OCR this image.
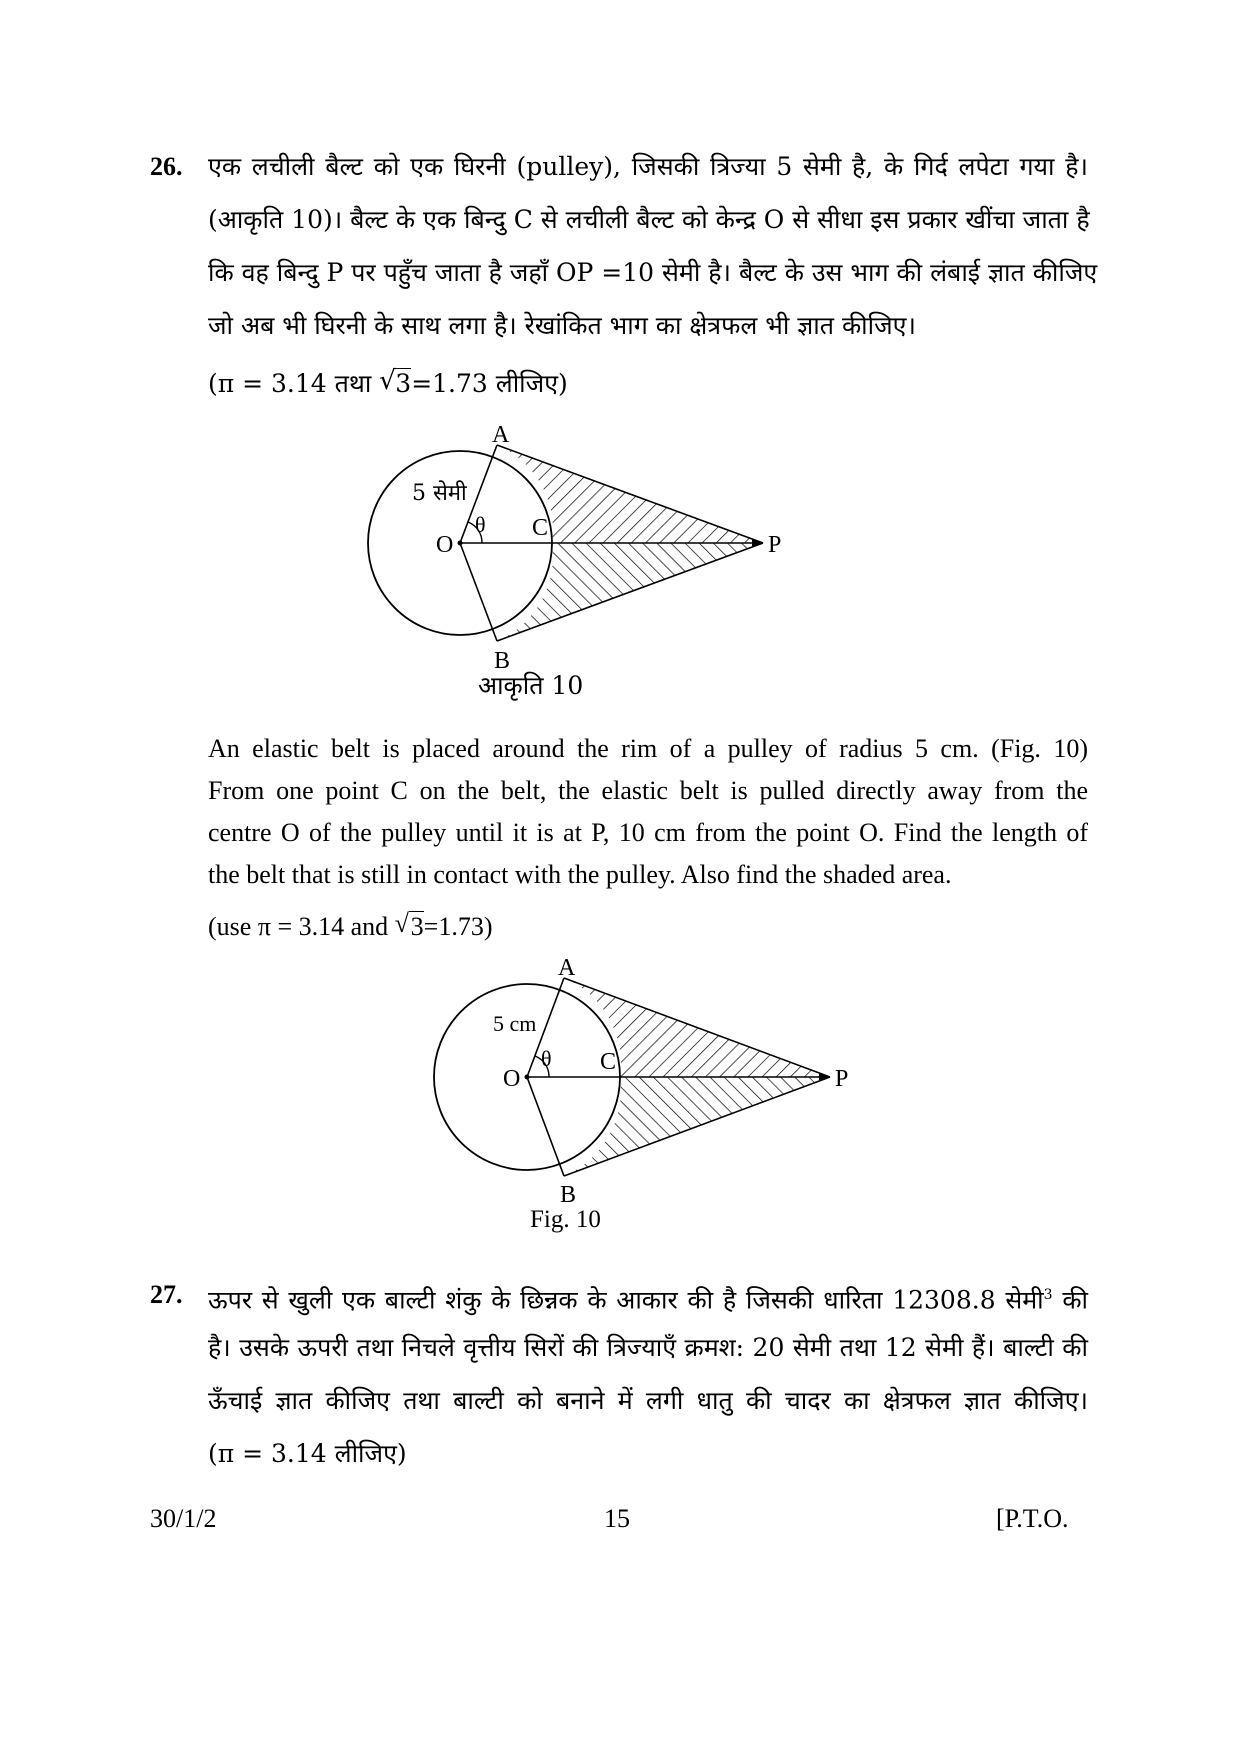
26. एक लचीली बैल्ट को एक घिरनी (pulley), जिसकी त्रिज्या 5 सेमी है, के गिर्द लपेटा गया है।
(आकृति 10)। बैल्ट के एक बिन्दु C से लचीली बैल्ट को केन्द्र O से सीधा इस प्रकार खींचा जाता है
कि वह बिन्दु P पर पहुँच जाता है जहाँ OP =10 सेमी है। बैल्ट के उस भाग की लंबाई ज्ञात कीजिए
जो अब भी घिरनी के साथ लगा है। रेखांकित भाग का क्षेत्रफल भी ज्ञात कीजिए।
(π = 3.14 तथा √ 3=1.73 लीजिए)
A
B
C
O	P
5 सेमी
θ
आकृति 10
An elastic belt is placed around the rim of a pulley of radius 5 cm. (Fig. 10)
From one point C on the belt, the elastic belt is pulled directly away from the
centre O of the pulley until it is at P, 10 cm from the point O. Find the length of
the belt that is still in contact with the pulley. Also find the shaded area.
(use π = 3.14 and √ 3=1.73)
A
B
C
O	P
5 cm
θ
Fig. 10
27. ऊपर से खुली एक बाल्टी शंकु के छिन्नक के आकार की है जिसकी धारिता 12308.8 सेमी$^3$ की
है। उसके ऊपरी तथा निचले वृत्तीय सिरों की त्रिज्याएँ क्रमश: 20 सेमी तथा 12 सेमी हैं। बाल्टी की
ऊँचाई ज्ञात कीजिए तथा बाल्टी को बनाने में लगी धातु की चादर का क्षेत्रफल ज्ञात कीजिए।
(π = 3.14 लीजिए)
30/1/2	15	[P.T.O.
